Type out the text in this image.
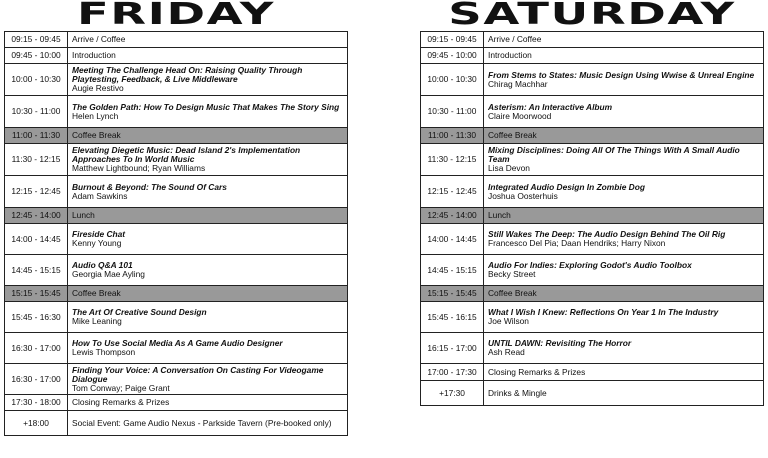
FRIDAY
09:15 - 09:45	Arrive / Coffee

09:45 - 10:00	Introduction

10:00 - 10:30	Meeting The Challenge Head On: Raising Quality Through Playtesting, Feedback, & Live Middleware
Augie Restivo

10:30 - 11:00	The Golden Path: How To Design Music That Makes The Story Sing
Helen Lynch

11:00 - 11:30	Coffee Break

11:30 - 12:15	Elevating Diegetic Music: Dead Island 2's Implementation Approaches To In World Music
Matthew Lightbound; Ryan Williams

12:15 - 12:45	Burnout & Beyond: The Sound Of Cars
Adam Sawkins

12:45 - 14:00	Lunch

14:00 - 14:45	Fireside Chat
Kenny Young

14:45 - 15:15	Audio Q&A 101
Georgia Mae Ayling

15:15 - 15:45	Coffee Break

15:45 - 16:30	The Art Of Creative Sound Design
Mike Leaning

16:30 - 17:00	How To Use Social Media As A Game Audio Designer
Lewis Thompson

16:30 - 17:00	Finding Your Voice: A Conversation On Casting For Videogame Dialogue
Tom Conway; Paige Grant

17:30 - 18:00	Closing Remarks & Prizes

+18:00	Social Event: Game Audio Nexus - Parkside Tavern (Pre-booked only)
SATURDAY
09:15 - 09:45	Arrive / Coffee

09:45 - 10:00	Introduction

10:00 - 10:30	From Stems to States: Music Design Using Wwise & Unreal Engine
Chirag Machhar

10:30 - 11:00	Asterism: An Interactive Album
Claire Moorwood

11:00 - 11:30	Coffee Break

11:30 - 12:15	Mixing Disciplines: Doing All Of The Things With A Small Audio Team
Lisa Devon

12:15 - 12:45	Integrated Audio Design In Zombie Dog
Joshua Oosterhuis

12:45 - 14:00	Lunch

14:00 - 14:45	Still Wakes The Deep: The Audio Design Behind The Oil Rig
Francesco Del Pia; Daan Hendriks; Harry Nixon

14:45 - 15:15	Audio For Indies: Exploring Godot's Audio Toolbox
Becky Street

15:15 - 15:45	Coffee Break

15:45 - 16:15	What I Wish I Knew: Reflections On Year 1 In The Industry
Joe Wilson

16:15 - 17:00	UNTIL DAWN: Revisiting The Horror
Ash Read

17:00 - 17:30	Closing Remarks & Prizes

+17:30	Drinks & Mingle
